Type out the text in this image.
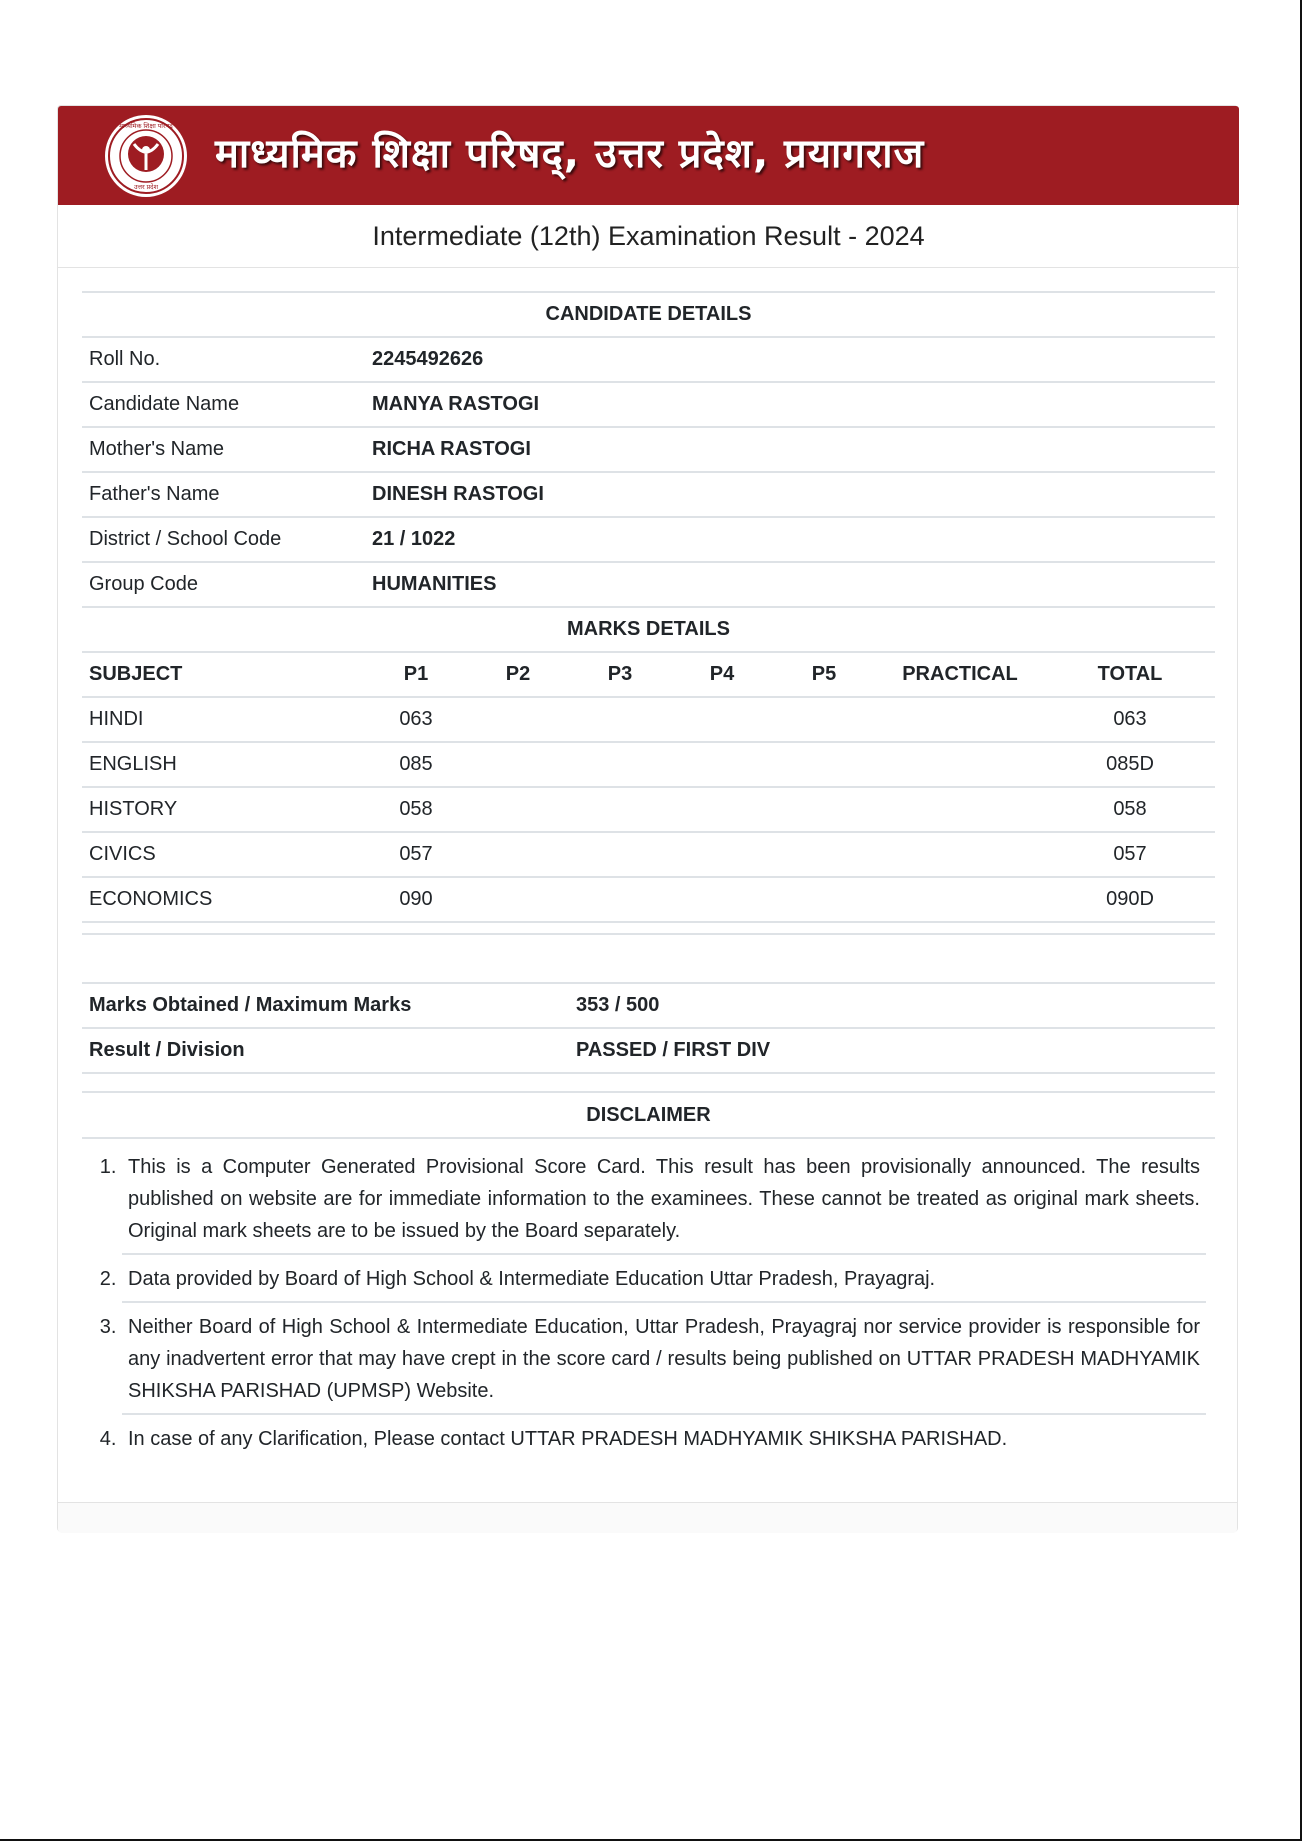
माध्यमिक शिक्षा परिषद्
उत्तर प्रदेश
माध्यमिक शिक्षा परिषद्, उत्तर प्रदेश, प्रयागराज
Intermediate (12th) Examination Result - 2024
CANDIDATE DETAILS	
Roll No.	2245492626
Candidate Name	MANYA RASTOGI
Mother's Name	RICHA RASTOGI
Father's Name	DINESH RASTOGI
District / School Code	21 / 1022
Group Code	HUMANITIES
MARKS DETAILS							
SUBJECT	P1	P2	P3	P4	P5	PRACTICAL	TOTAL
HINDI	063						063
ENGLISH	085						085D
HISTORY	058						058
CIVICS	057						057
ECONOMICS	090						090D
Marks Obtained / Maximum Marks	353 / 500
Result / Division	PASSED / FIRST DIV
DISCLAIMER
1. This is a Computer Generated Provisional Score Card. This result has been provisionally announced. The results published on website are for immediate information to the examinees. These cannot be treated as original mark sheets. Original mark sheets are to be issued by the Board separately.
2. Data provided by Board of High School & Intermediate Education Uttar Pradesh, Prayagraj.
3. Neither Board of High School & Intermediate Education, Uttar Pradesh, Prayagraj nor service provider is responsible for any inadvertent error that may have crept in the score card / results being published on UTTAR PRADESH MADHYAMIK SHIKSHA PARISHAD (UPMSP) Website.
4. In case of any Clarification, Please contact UTTAR PRADESH MADHYAMIK SHIKSHA PARISHAD.
